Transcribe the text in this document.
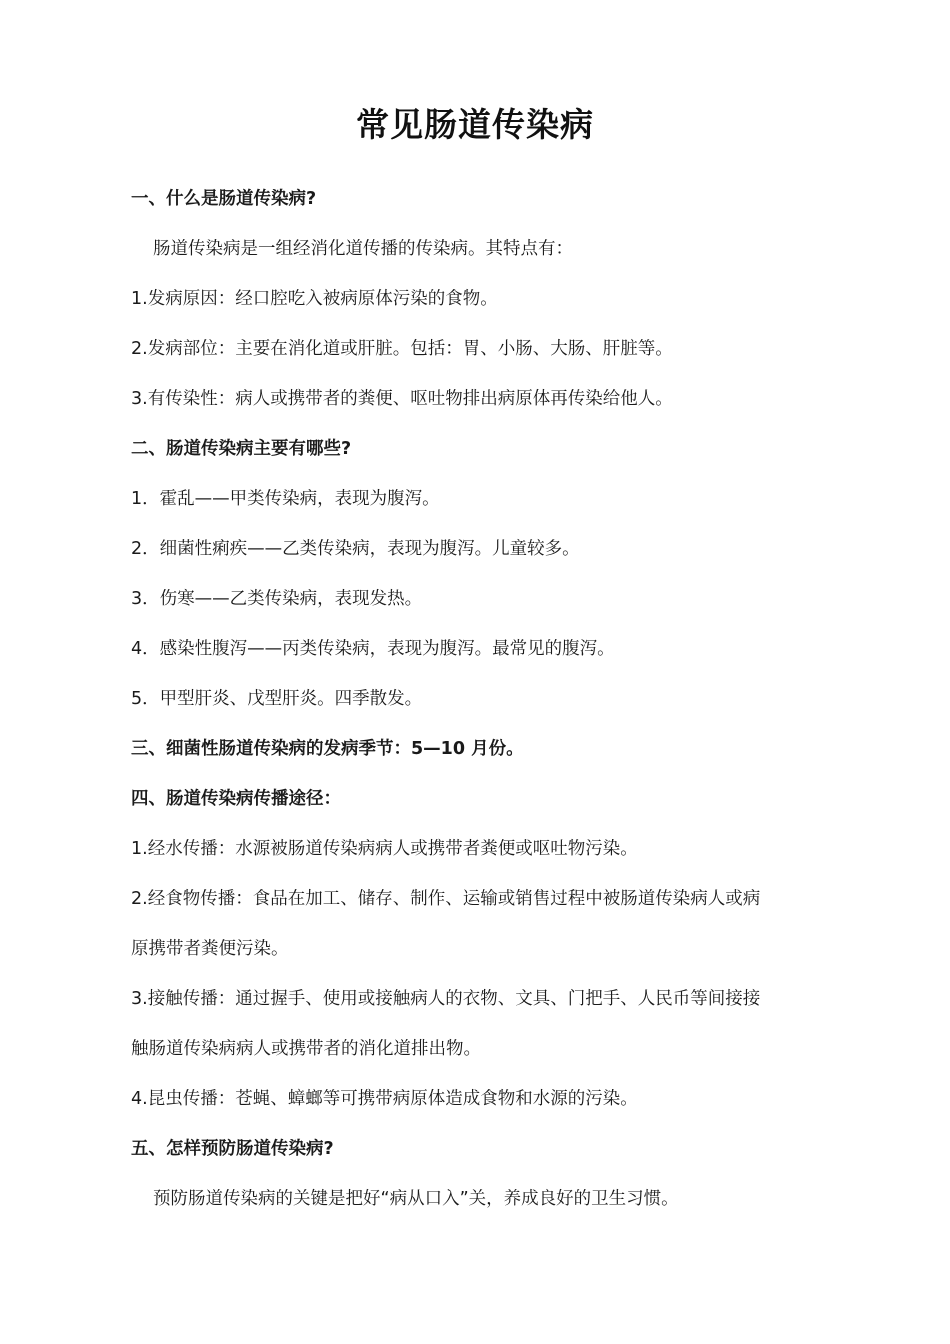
常见肠道传染病
一、什么是肠道传染病?
肠道传染病是一组经消化道传播的传染病。其特点有：
1.发病原因：经口腔吃入被病原体污染的食物。
2.发病部位：主要在消化道或肝脏。包括：胃、小肠、大肠、肝脏等。
3.有传染性：病人或携带者的粪便、呕吐物排出病原体再传染给他人。
二、肠道传染病主要有哪些?
1．霍乱——甲类传染病，表现为腹泻。
2．细菌性痢疾——乙类传染病，表现为腹泻。儿童较多。
3．伤寒——乙类传染病，表现发热。
4．感染性腹泻——丙类传染病，表现为腹泻。最常见的腹泻。
5．甲型肝炎、戊型肝炎。四季散发。
三、细菌性肠道传染病的发病季节：5—10 月份。
四、肠道传染病传播途径：
1.经水传播：水源被肠道传染病病人或携带者粪便或呕吐物污染。
2.经食物传播：食品在加工、储存、制作、运输或销售过程中被肠道传染病人或病
原携带者粪便污染。
3.接触传播：通过握手、使用或接触病人的衣物、文具、门把手、人民币等间接接
触肠道传染病病人或携带者的消化道排出物。
4.昆虫传播：苍蝇、蟑螂等可携带病原体造成食物和水源的污染。
五、怎样预防肠道传染病?
预防肠道传染病的关键是把好“病从口入”关，养成良好的卫生习惯。
